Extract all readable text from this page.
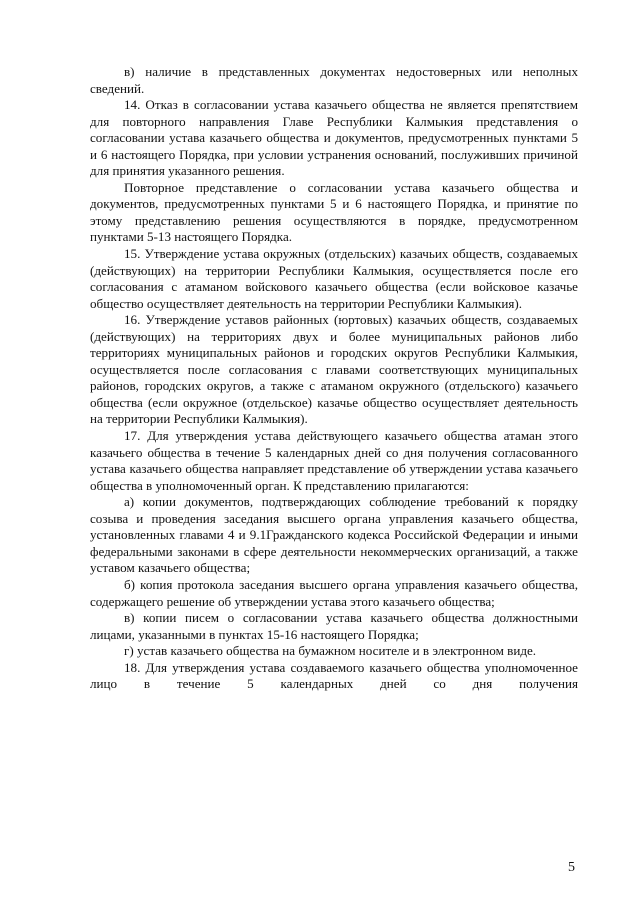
в) наличие в представленных документах недостоверных или неполных сведений.

14. Отказ в согласовании устава казачьего общества не является препятствием для повторного направления Главе Республики Калмыкия представления о согласовании устава казачьего общества и документов, предусмотренных пунктами 5 и 6 настоящего Порядка, при условии устранения оснований, послуживших причиной для принятия указанного решения.

Повторное представление о согласовании устава казачьего общества и документов, предусмотренных пунктами 5 и 6 настоящего Порядка, и принятие по этому представлению решения осуществляются в порядке, предусмотренном пунктами 5-13 настоящего Порядка.

15. Утверждение устава окружных (отдельских) казачьих обществ, создаваемых (действующих) на территории Республики Калмыкия, осуществляется после его согласования с атаманом войскового казачьего общества (если войсковое казачье общество осуществляет деятельность на территории Республики Калмыкия).

16. Утверждение уставов районных (юртовых) казачьих обществ, создаваемых (действующих) на территориях двух и более муниципальных районов либо территориях муниципальных районов и городских округов Республики Калмыкия, осуществляется после согласования с главами соответствующих муниципальных районов, городских округов, а также с атаманом окружного (отдельского) казачьего общества (если окружное (отдельское) казачье общество осуществляет деятельность на территории Республики Калмыкия).

17. Для утверждения устава действующего казачьего общества атаман этого казачьего общества в течение 5 календарных дней со дня получения согласованного устава казачьего общества направляет представление об утверждении устава казачьего общества в уполномоченный орган. К представлению прилагаются:

а) копии документов, подтверждающих соблюдение требований к порядку созыва и проведения заседания высшего органа управления казачьего общества, установленных главами 4 и 9.1Гражданского кодекса Российской Федерации и иными федеральными законами в сфере деятельности некоммерческих организаций, а также уставом казачьего общества;

б) копия протокола заседания высшего органа управления казачьего общества, содержащего решение об утверждении устава этого казачьего общества;

в) копии писем о согласовании устава казачьего общества должностными лицами, указанными в пунктах 15-16 настоящего Порядка;

г) устав казачьего общества на бумажном носителе и в электронном виде.

18. Для утверждения устава создаваемого казачьего общества уполномоченное лицо в течение 5 календарных дней со дня получения

5
